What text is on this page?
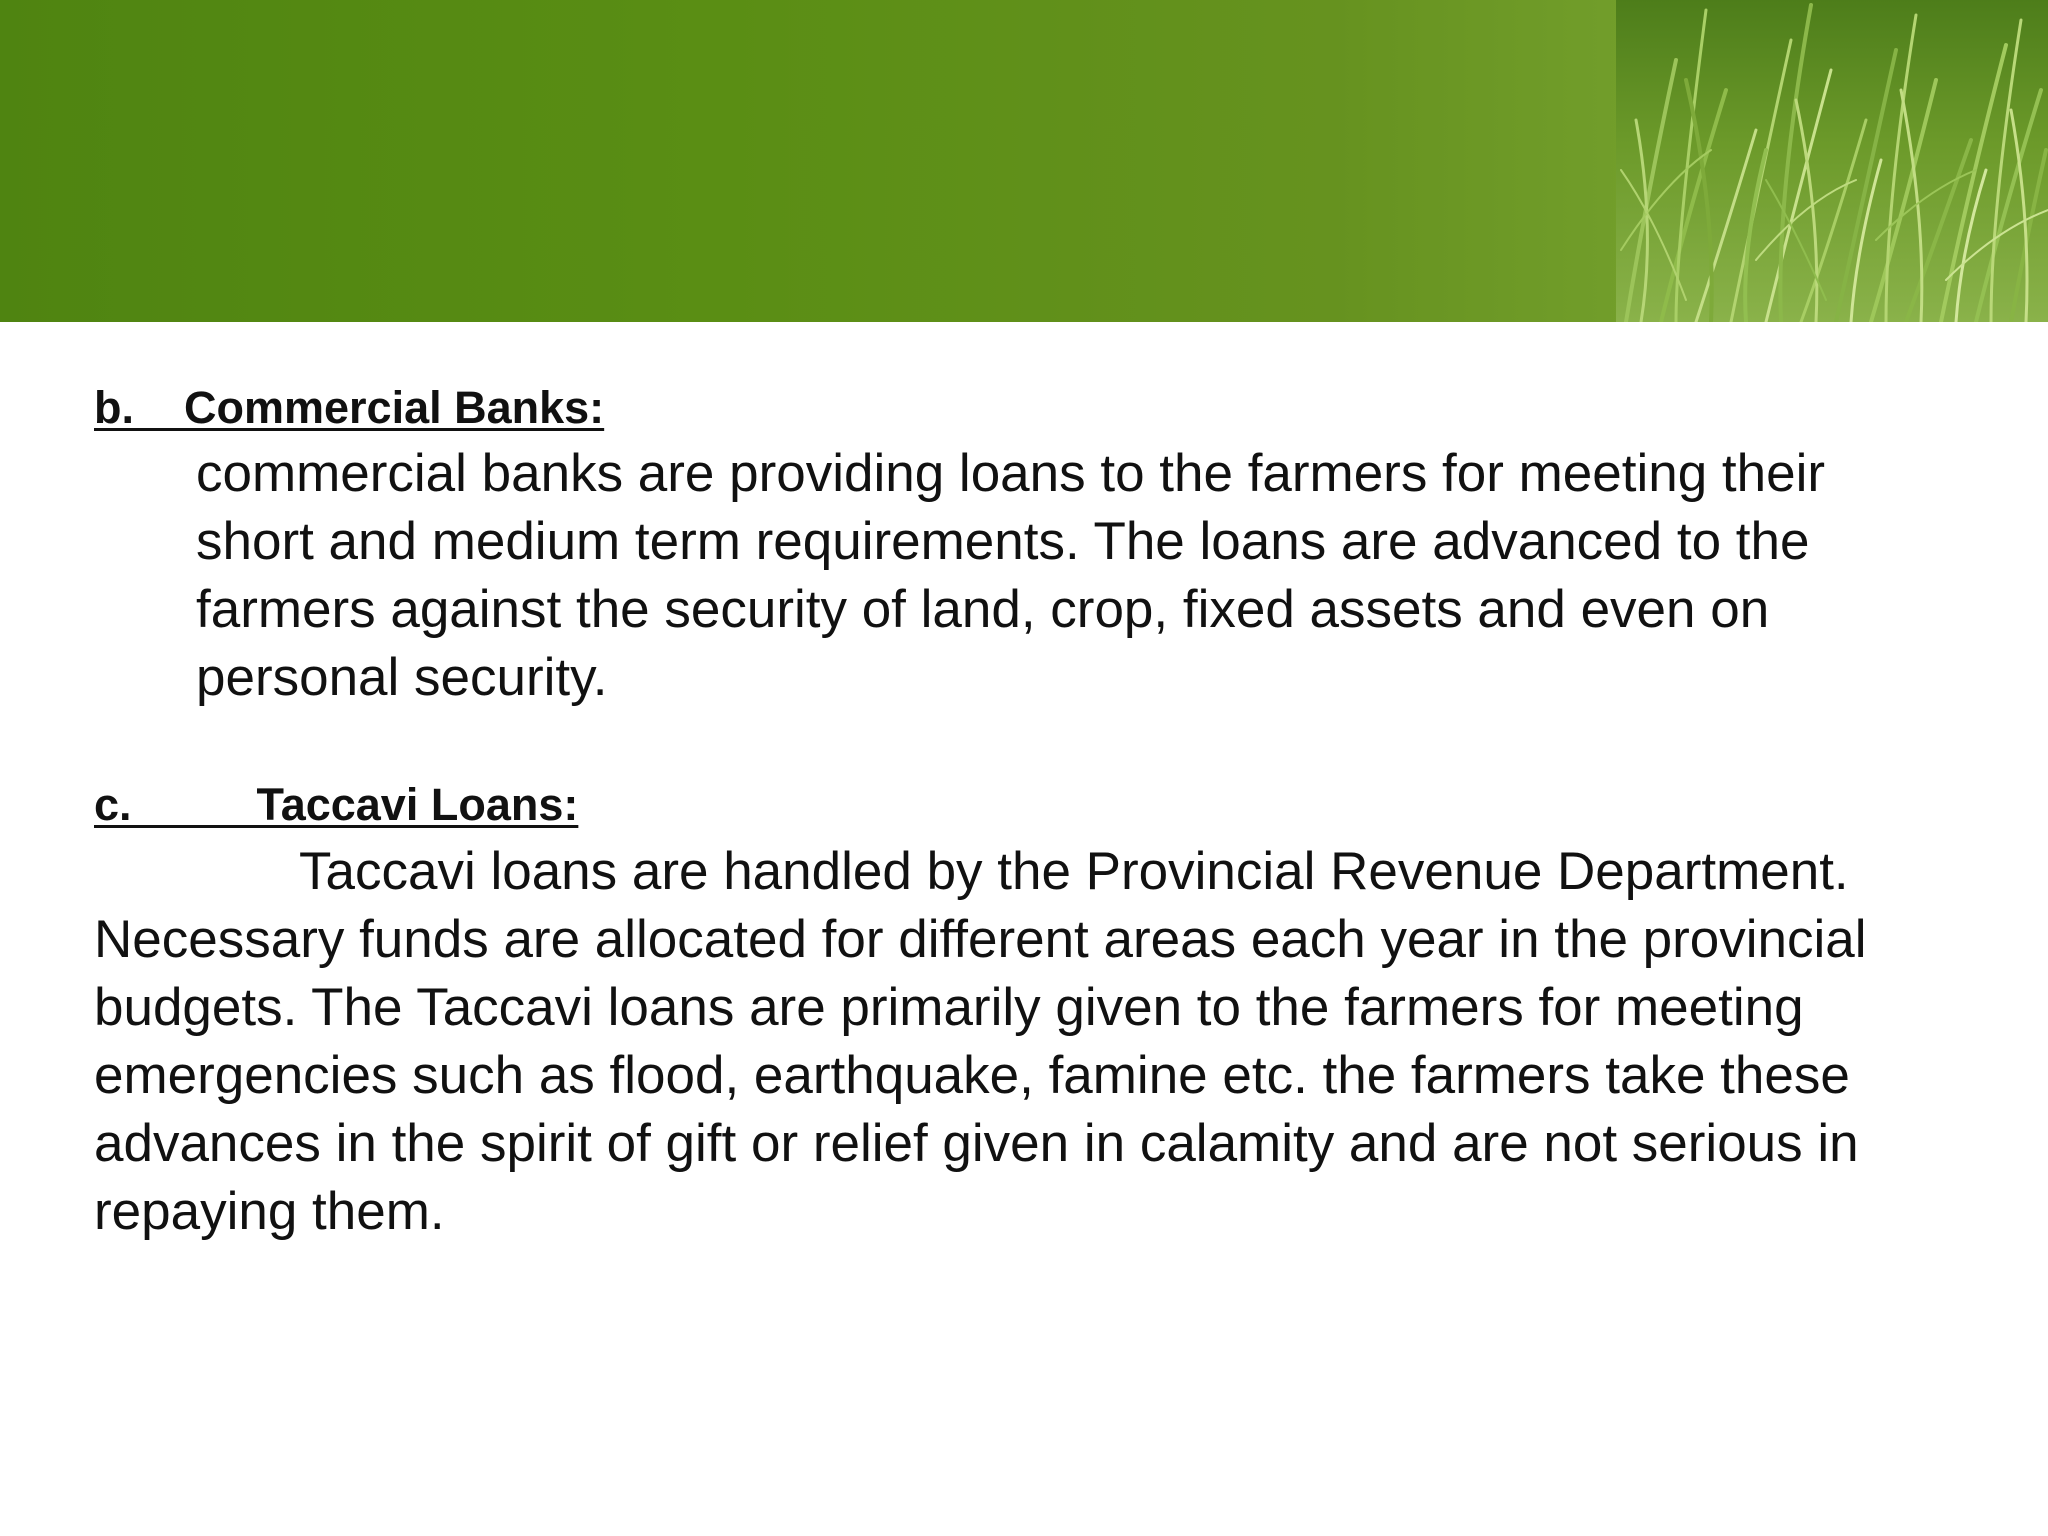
b.    Commercial Banks:

commercial banks are providing loans to the farmers for meeting their short and medium term requirements. The loans are advanced to the farmers against the security of land, crop, fixed assets and even on personal security.

c.          Taccavi Loans:

Taccavi loans are handled by the Provincial Revenue Department. Necessary funds are allocated for different areas each year in the provincial budgets. The Taccavi loans are primarily given to the farmers for meeting emergencies such as flood, earthquake, famine etc. the farmers take these advances in the spirit of gift or relief given in calamity and are not serious in repaying them.
